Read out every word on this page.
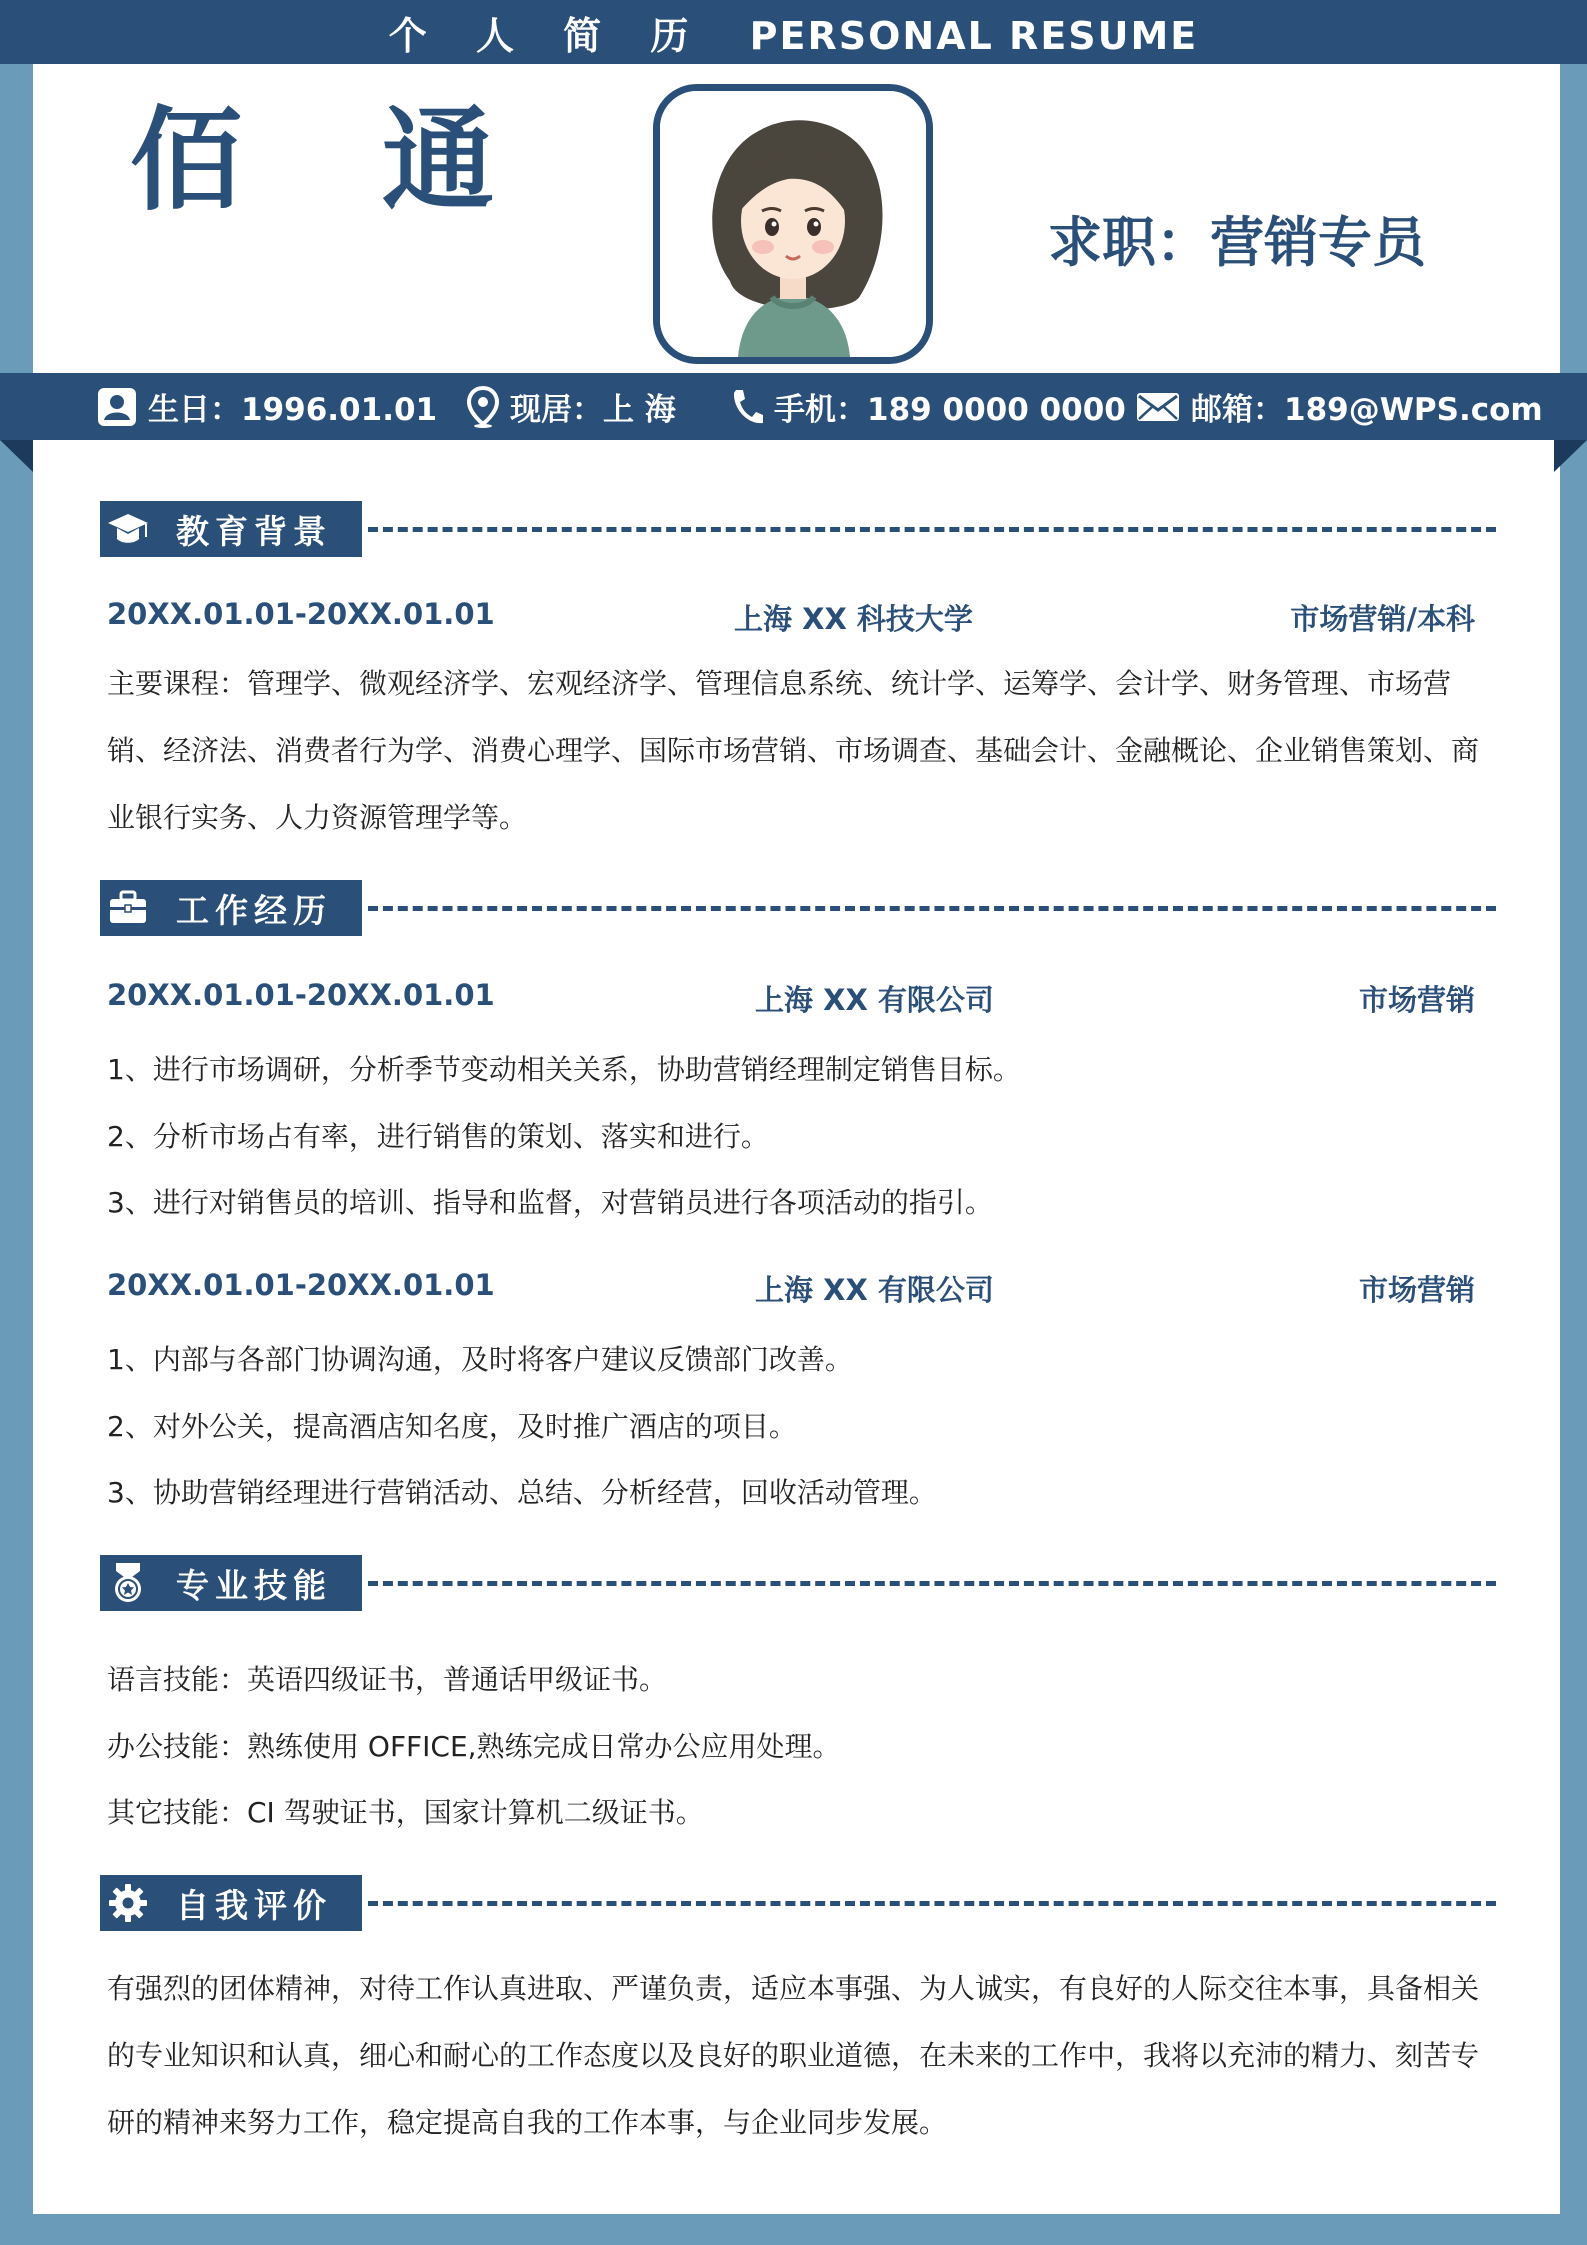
个 人 简 历 PERSONAL RESUME
佰通
求职：营销专员
生日：1996.01.01 现居：上 海	手机：189 0000 0000 邮箱：189@WPS.com
教育背景
20XX.01.01-20XX.01.01	上海 XX 科技大学	市场营销/本科

主要课程：管理学、微观经济学、宏观经济学、管理信息系统、统计学、运筹学、会计学、财务管理、市场营销、经济法、消费者行为学、消费心理学、国际市场营销、市场调查、基础会计、金融概论、企业销售策划、商业银行实务、人力资源管理学等。

工作经历
20XX.01.01-20XX.01.01	上海 XX 有限公司	市场营销

1、进行市场调研，分析季节变动相关关系，协助营销经理制定销售目标。

2、分析市场占有率，进行销售的策划、落实和进行。

3、进行对销售员的培训、指导和监督，对营销员进行各项活动的指引。

20XX.01.01-20XX.01.01	上海 XX 有限公司	市场营销

1、内部与各部门协调沟通，及时将客户建议反馈部门改善。

2、对外公关，提高酒店知名度，及时推广酒店的项目。

3、协助营销经理进行营销活动、总结、分析经营，回收活动管理。

专业技能

语言技能：英语四级证书，普通话甲级证书。

办公技能：熟练使用 OFFICE,熟练完成日常办公应用处理。

其它技能：CI 驾驶证书，国家计算机二级证书。

自我评价

有强烈的团体精神，对待工作认真进取、严谨负责，适应本事强、为人诚实，有良好的人际交往本事，具备相关的专业知识和认真，细心和耐心的工作态度以及良好的职业道德，在未来的工作中，我将以充沛的精力、刻苦专研的精神来努力工作，稳定提高自我的工作本事，与企业同步发展。
